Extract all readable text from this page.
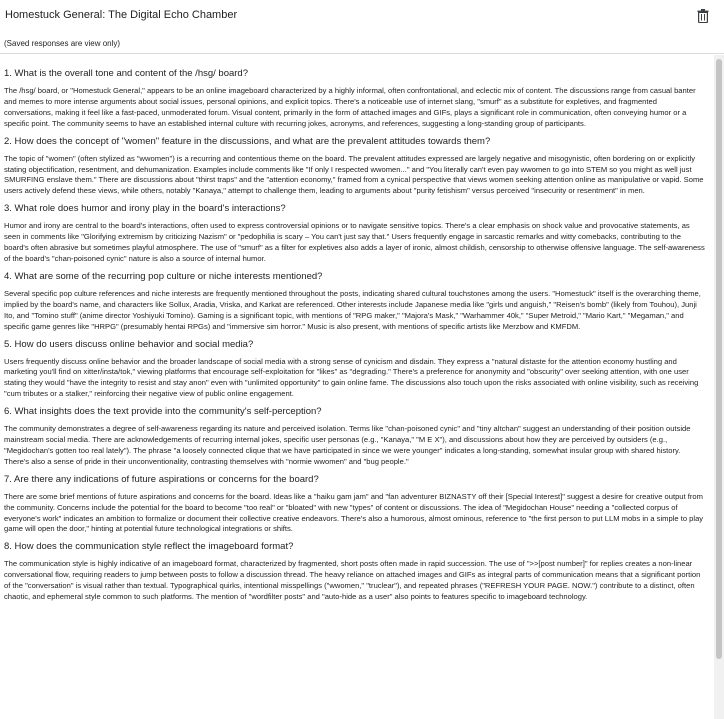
Homestuck General: The Digital Echo Chamber
(Saved responses are view only)

1. What is the overall tone and content of the /hsg/ board?

The /hsg/ board, or "Homestuck General," appears to be an online imageboard characterized by a highly informal, often confrontational, and eclectic mix of content. The discussions range from casual banter and memes to more intense arguments about social issues, personal opinions, and explicit topics. There's a noticeable use of internet slang, "smurf" as a substitute for expletives, and fragmented conversations, making it feel like a fast-paced, unmoderated forum. Visual content, primarily in the form of attached images and GIFs, plays a significant role in communication, often conveying humor or a specific point. The community seems to have an established internal culture with recurring jokes, acronyms, and references, suggesting a long-standing group of participants.

2. How does the concept of "women" feature in the discussions, and what are the prevalent attitudes towards them?

The topic of "women" (often stylized as "wwomen") is a recurring and contentious theme on the board. The prevalent attitudes expressed are largely negative and misogynistic, often bordering on or explicitly stating objectification, resentment, and dehumanization. Examples include comments like "If only I respected wwomen..." and "You literally can't even pay wwomen to go into STEM so you might as well just SMURFING enslave them." There are discussions about "thirst traps" and the "attention economy," framed from a cynical perspective that views women seeking attention online as manipulative or vapid. Some users actively defend these views, while others, notably "Kanaya," attempt to challenge them, leading to arguments about "purity fetishism" versus perceived "insecurity or resentment" in men.

3. What role does humor and irony play in the board's interactions?

Humor and irony are central to the board's interactions, often used to express controversial opinions or to navigate sensitive topics. There's a clear emphasis on shock value and provocative statements, as seen in comments like "Glorifying extremism by criticizing Nazism" or "pedophilia is scary – You can't just say that." Users frequently engage in sarcastic remarks and witty comebacks, contributing to the board's often abrasive but sometimes playful atmosphere. The use of "smurf" as a filter for expletives also adds a layer of ironic, almost childish, censorship to otherwise offensive language. The self-awareness of the board's "chan-poisoned cynic" nature is also a source of internal humor.

4. What are some of the recurring pop culture or niche interests mentioned?

Several specific pop culture references and niche interests are frequently mentioned throughout the posts, indicating shared cultural touchstones among the users. "Homestuck" itself is the overarching theme, implied by the board's name, and characters like Sollux, Aradia, Vriska, and Karkat are referenced. Other interests include Japanese media like "girls und anguish," "Reisen's bomb" (likely from Touhou), Junji Ito, and "Tomino stuff" (anime director Yoshiyuki Tomino). Gaming is a significant topic, with mentions of "RPG maker," "Majora's Mask," "Warhammer 40k," "Super Metroid," "Mario Kart," "Megaman," and specific game genres like "HRPG" (presumably hentai RPGs) and "immersive sim horror." Music is also present, with mentions of specific artists like Merzbow and KMFDM.

5. How do users discuss online behavior and social media?

Users frequently discuss online behavior and the broader landscape of social media with a strong sense of cynicism and disdain. They express a "natural distaste for the attention economy hustling and marketing you'll find on xitter/insta/tok," viewing platforms that encourage self-exploitation for "likes" as "degrading." There's a preference for anonymity and "obscurity" over seeking attention, with one user stating they would "have the integrity to resist and stay anon" even with "unlimited opportunity" to gain online fame. The discussions also touch upon the risks associated with online visibility, such as receiving "cum tributes or a stalker," reinforcing their negative view of public online engagement.

6. What insights does the text provide into the community's self-perception?

The community demonstrates a degree of self-awareness regarding its nature and perceived isolation. Terms like "chan-poisoned cynic" and "tiny altchan" suggest an understanding of their position outside mainstream social media. There are acknowledgements of recurring internal jokes, specific user personas (e.g., "Kanaya," "M E X"), and discussions about how they are perceived by outsiders (e.g., "Megidochan's gotten too real lately"). The phrase "a loosely connected clique that we have participated in since we were younger" indicates a long-standing, somewhat insular group with shared history. There's also a sense of pride in their unconventionality, contrasting themselves with "normie wwomen" and "bug people."

7. Are there any indications of future aspirations or concerns for the board?

There are some brief mentions of future aspirations and concerns for the board. Ideas like a "haiku gam jam" and "fan adventurer BIZNASTY off their [Special Interest]" suggest a desire for creative output from the community. Concerns include the potential for the board to become "too real" or "bloated" with new "types" of content or discussions. The idea of "Megidochan House" needing a "collected corpus of everyone's work" indicates an ambition to formalize or document their collective creative endeavors. There's also a humorous, almost ominous, reference to "the first person to put LLM mobs in a simple to play game will open the door," hinting at potential future technological integrations or shifts.

8. How does the communication style reflect the imageboard format?

The communication style is highly indicative of an imageboard format, characterized by fragmented, short posts often made in rapid succession. The use of ">>[post number]" for replies creates a non-linear conversational flow, requiring readers to jump between posts to follow a discussion thread. The heavy reliance on attached images and GIFs as integral parts of communication means that a significant portion of the "conversation" is visual rather than textual. Typographical quirks, intentional misspellings ("wwomen," "truclear"), and repeated phrases ("REFRESH YOUR PAGE. NOW.") contribute to a distinct, often chaotic, and ephemeral style common to such platforms. The mention of "wordfilter posts" and "auto-hide as a user" also points to features specific to imageboard technology.
